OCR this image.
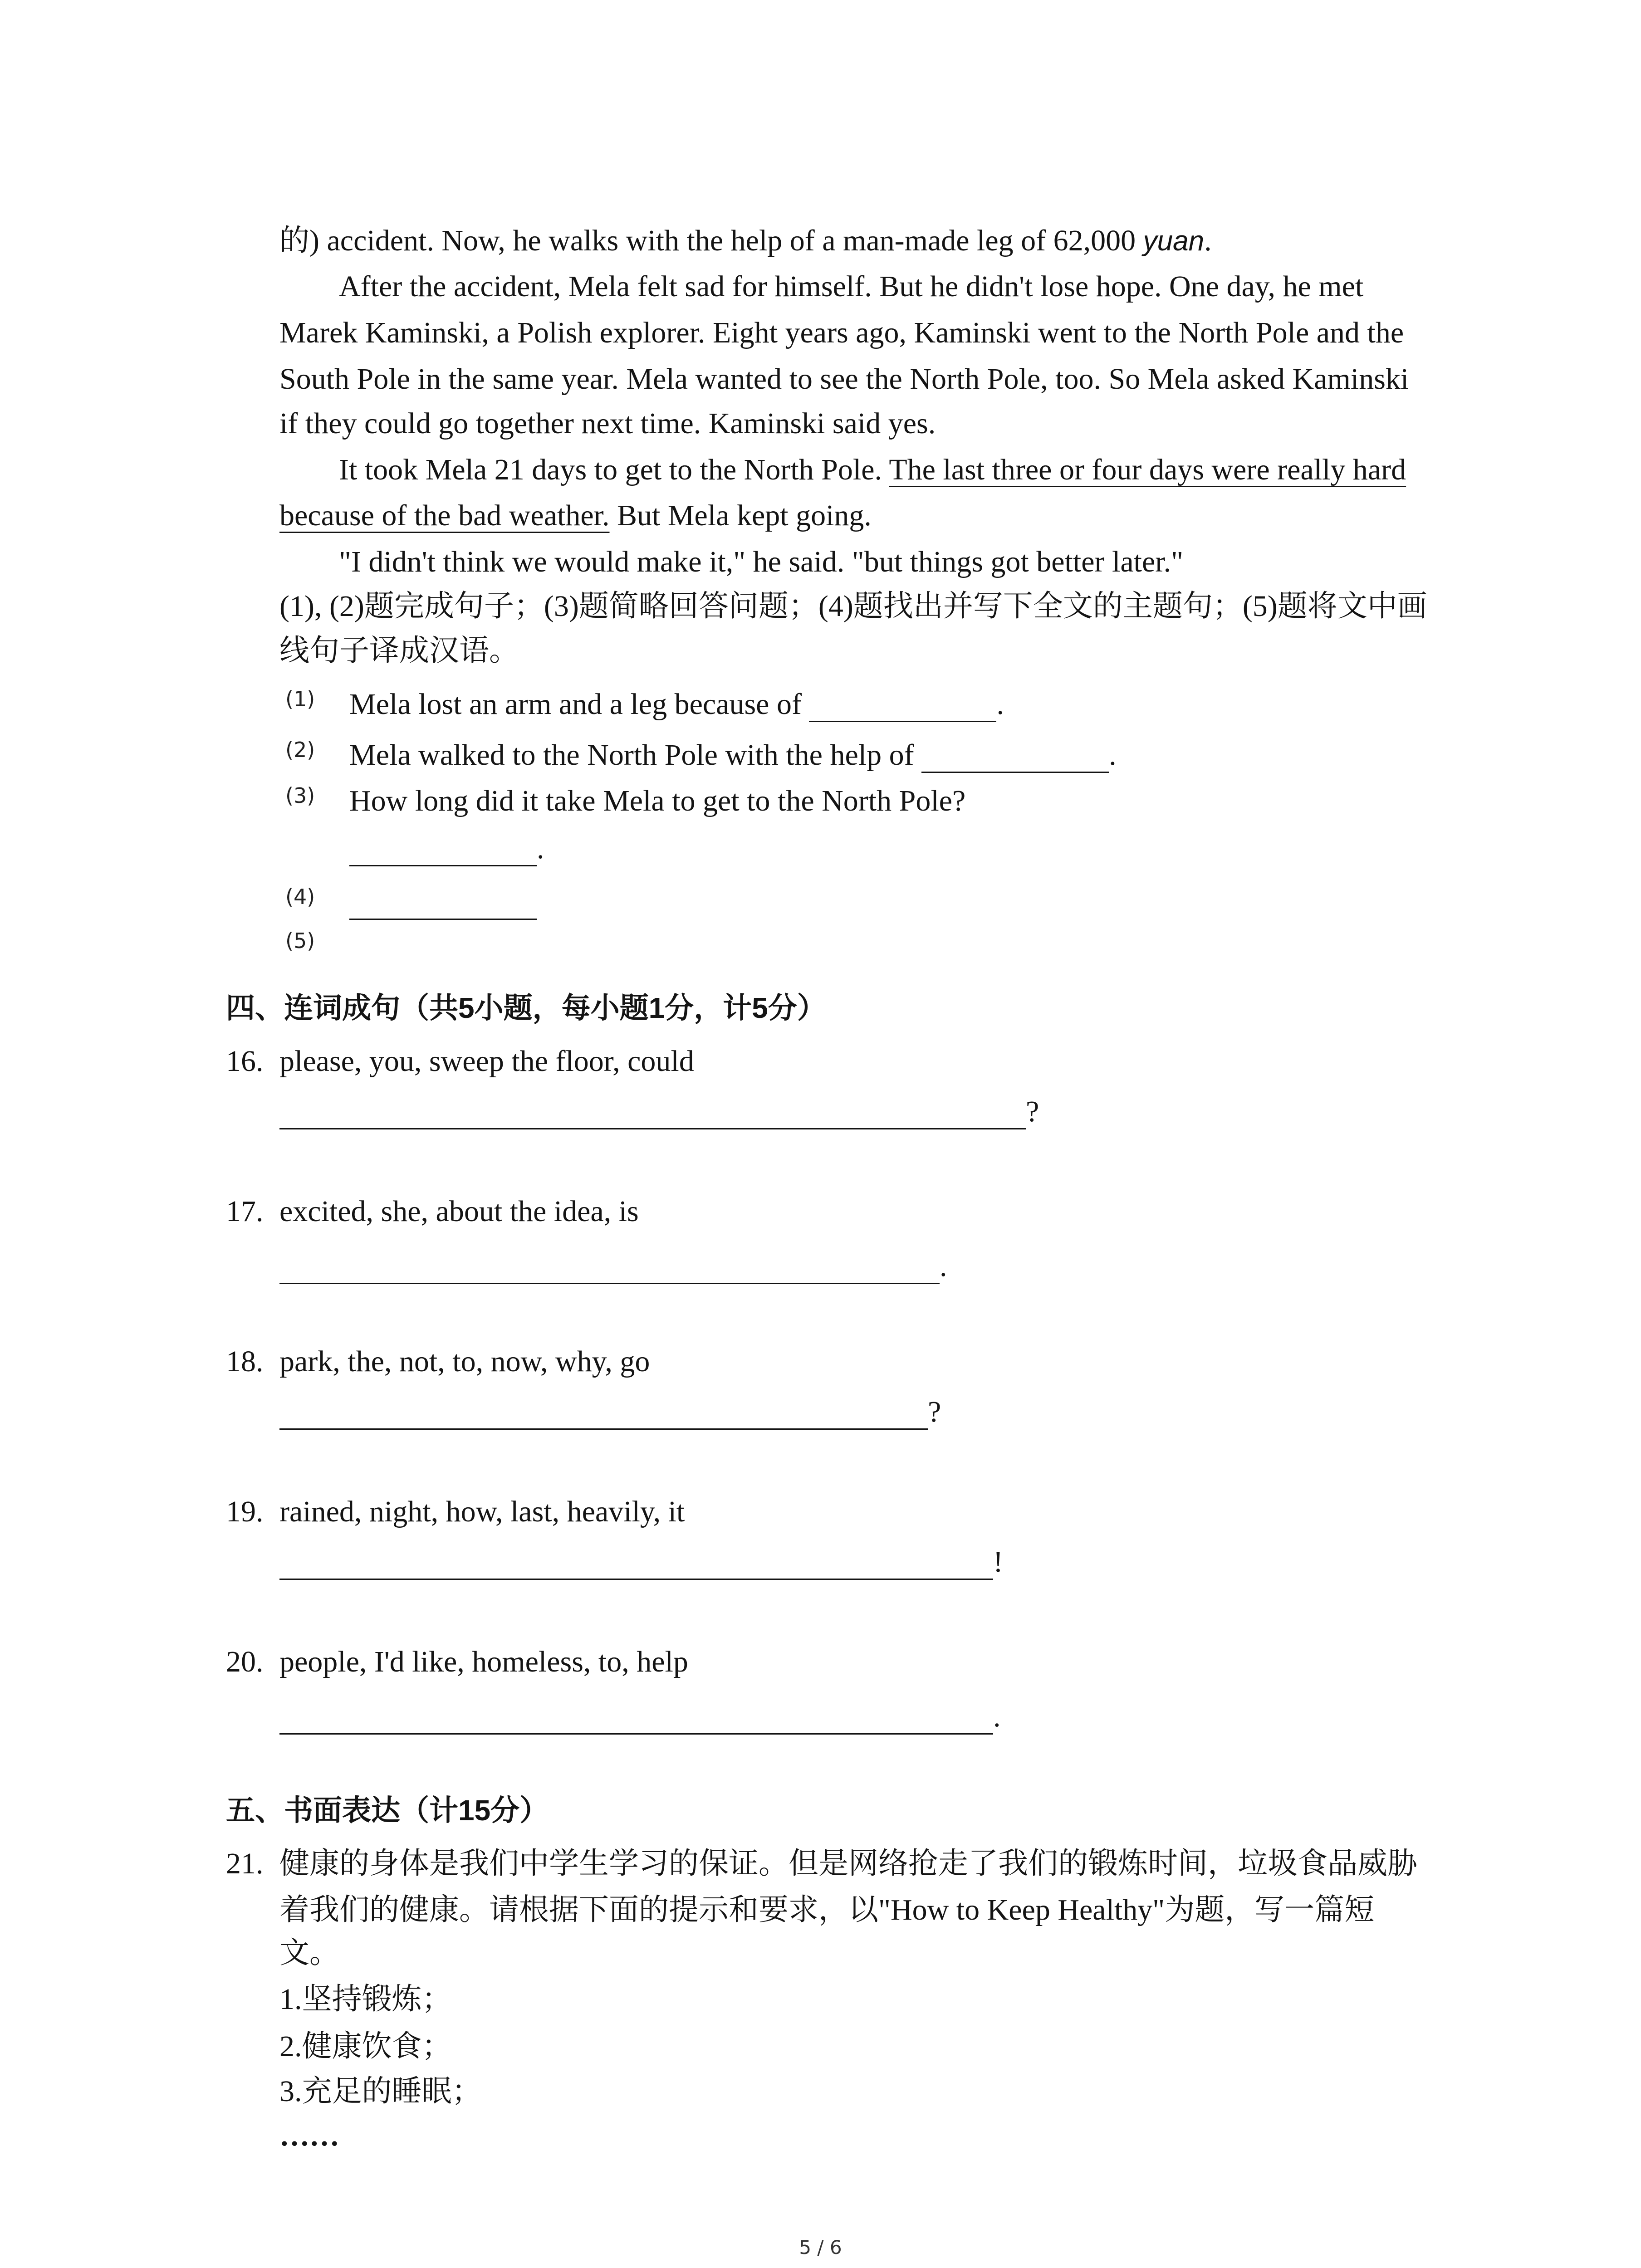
的) accident. Now, he walks with the help of a man-made leg of 62,000 yuan.
After the accident, Mela felt sad for himself. But he didn't lose hope. One day, he met
Marek Kaminski, a Polish explorer. Eight years ago, Kaminski went to the North Pole and the
South Pole in the same year. Mela wanted to see the North Pole, too. So Mela asked Kaminski
if they could go together next time. Kaminski said yes.
It took Mela 21 days to get to the North Pole. The last three or four days were really hard
because of the bad weather. But Mela kept going.
"I didn't think we would make it," he said. "but things got better later."
(1), (2)题完成句子；(3)题简略回答问题；(4)题找出并写下全文的主题句；(5)题将文中画
线句子译成汉语。
(1) Mela lost an arm and a leg because of	.
(2) Mela walked to the North Pole with the help of	.
(3) How long did it take Mela to get to the North Pole?
.
(4)
(5)
四、连词成句（共5小题，每小题1分，计5分）
16. please, you, sweep the floor, could
?
17. excited, she, about the idea, is
.
18. park, the, not, to, now, why, go
?
19. rained, night, how, last, heavily, it
!
20. people, I'd like, homeless, to, help
.
五、书面表达（计15分）
21. 健康的身体是我们中学生学习的保证。但是网络抢走了我们的锻炼时间，垃圾食品威胁
着我们的健康。请根据下面的提示和要求，以"How to Keep Healthy"为题，写一篇短
文。
1.坚持锻炼；
2.健康饮食；
3.充足的睡眠；
……
5 / 6
